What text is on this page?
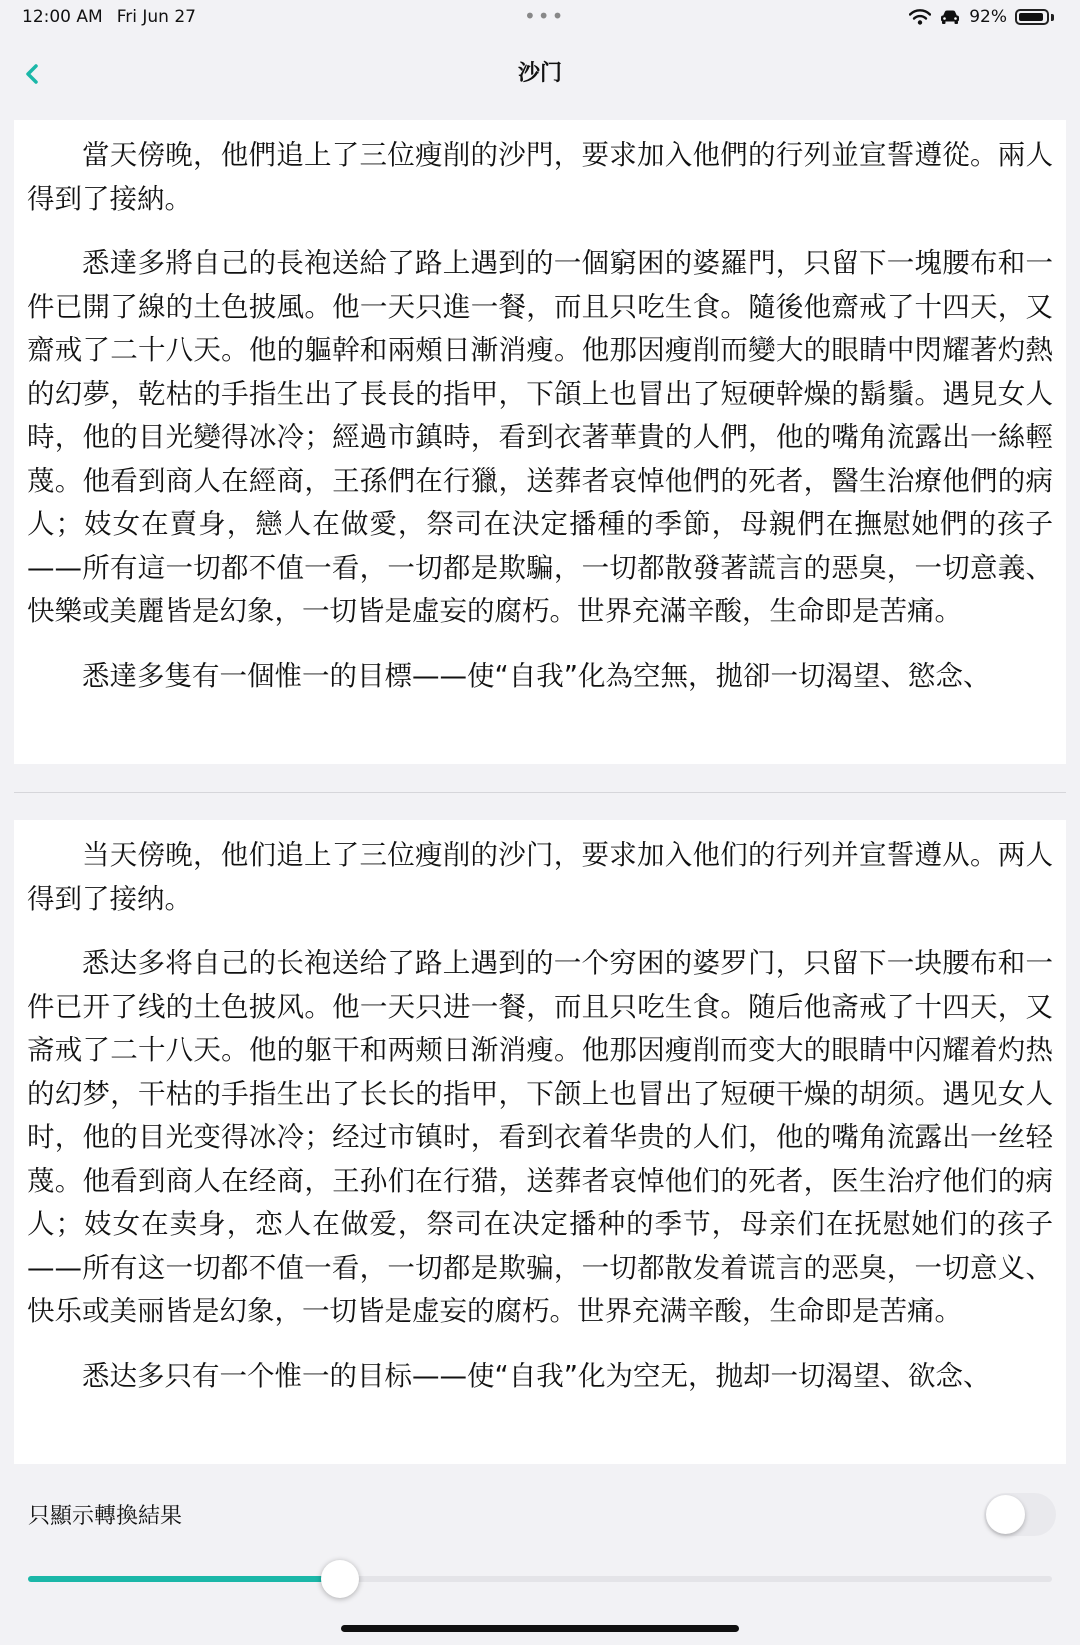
12:00 AM Fri Jun 27	•••	92%
沙门

當天傍晚，他們追上了三位瘦削的沙門，要求加入他們的行列並宣誓遵從。兩人得到了接納。

悉達多將自己的長袍送給了路上遇到的一個窮困的婆羅門，只留下一塊腰布和一件已開了線的土色披風。他一天只進一餐，而且只吃生食。隨後他齋戒了十四天，又齋戒了二十八天。他的軀幹和兩頰日漸消瘦。他那因瘦削而變大的眼睛中閃耀著灼熱的幻夢，乾枯的手指生出了長長的指甲，下頜上也冒出了短硬幹燥的鬍鬚。遇見女人時，他的目光變得冰冷；經過市鎮時，看到衣著華貴的人們，他的嘴角流露出一絲輕蔑。他看到商人在經商，王孫們在行獵，送葬者哀悼他們的死者，醫生治療他們的病人；妓女在賣身，戀人在做愛，祭司在決定播種的季節，母親們在撫慰她們的孩子——所有這一切都不值一看，一切都是欺騙，一切都散發著謊言的惡臭，一切意義、快樂或美麗皆是幻象，一切皆是虛妄的腐朽。世界充滿辛酸，生命即是苦痛。

悉達多隻有一個惟一的目標——使“自我”化為空無，拋卻一切渴望、慾念、

当天傍晚，他们追上了三位瘦削的沙门，要求加入他们的行列并宣誓遵从。两人得到了接纳。

悉达多将自己的长袍送给了路上遇到的一个穷困的婆罗门，只留下一块腰布和一件已开了线的土色披风。他一天只进一餐，而且只吃生食。随后他斋戒了十四天，又斋戒了二十八天。他的躯干和两颊日渐消瘦。他那因瘦削而变大的眼睛中闪耀着灼热的幻梦，干枯的手指生出了长长的指甲，下颌上也冒出了短硬干燥的胡须。遇见女人时，他的目光变得冰冷；经过市镇时，看到衣着华贵的人们，他的嘴角流露出一丝轻蔑。他看到商人在经商，王孙们在行猎，送葬者哀悼他们的死者，医生治疗他们的病人；妓女在卖身，恋人在做爱，祭司在决定播种的季节，母亲们在抚慰她们的孩子——所有这一切都不值一看，一切都是欺骗，一切都散发着谎言的恶臭，一切意义、快乐或美丽皆是幻象，一切皆是虚妄的腐朽。世界充满辛酸，生命即是苦痛。

悉达多只有一个惟一的目标——使“自我”化为空无，抛却一切渴望、欲念、

只顯示轉換結果
